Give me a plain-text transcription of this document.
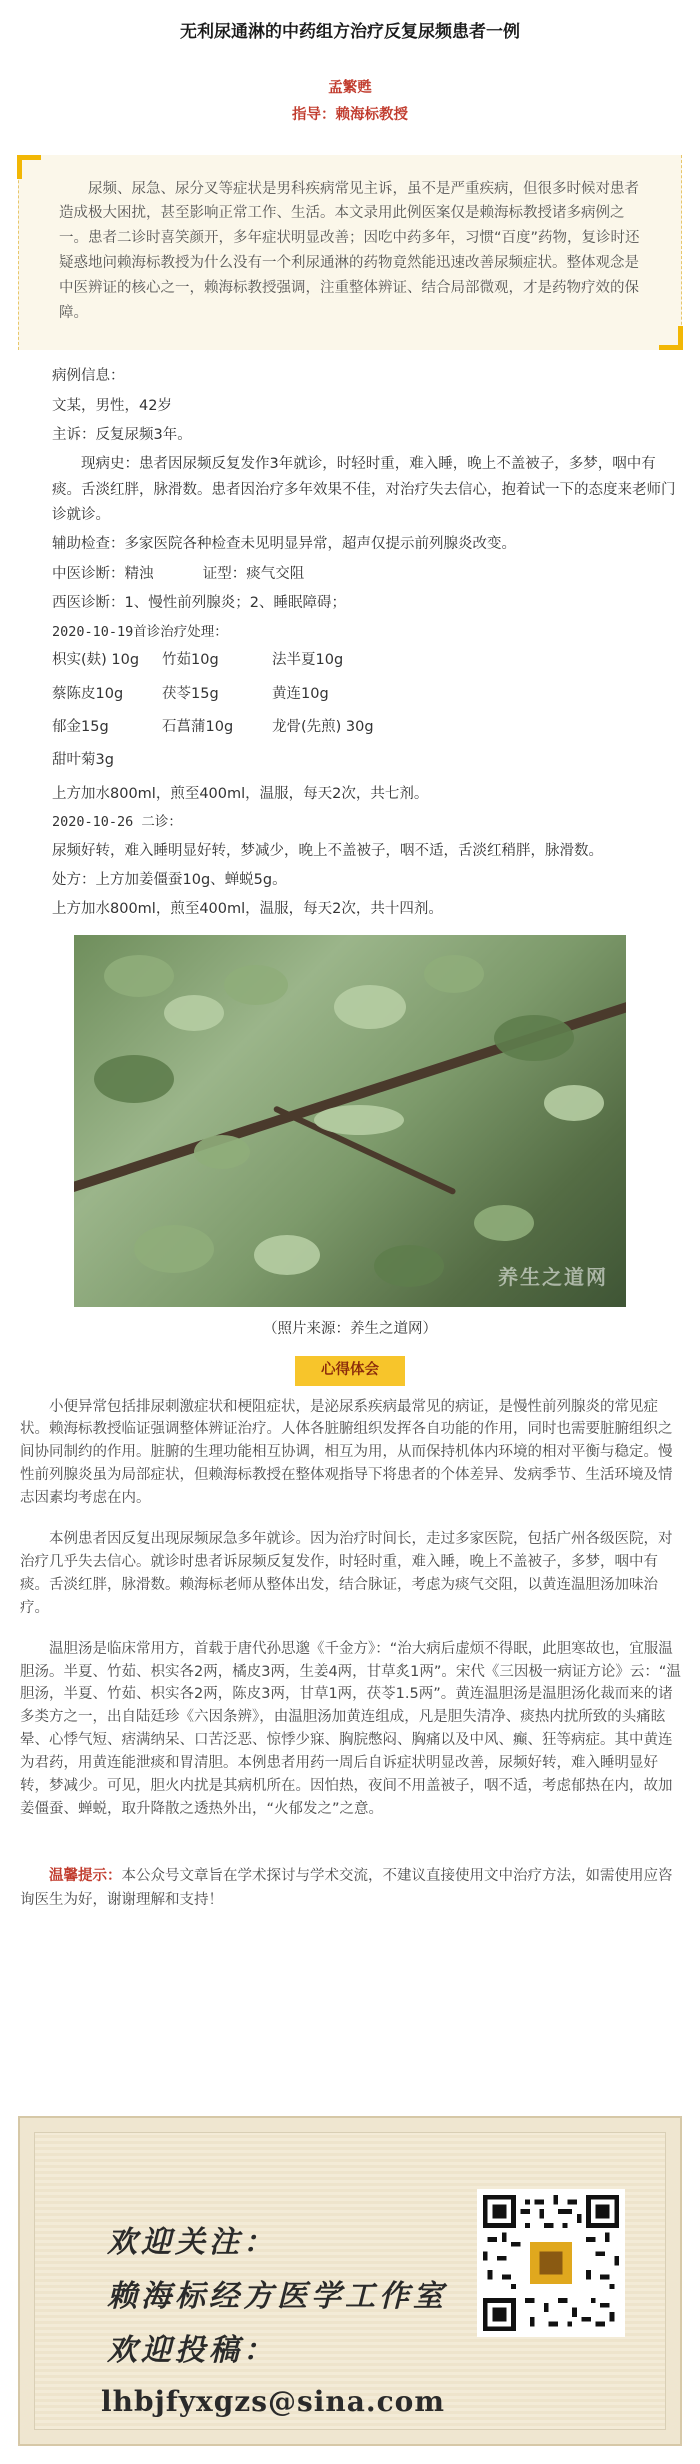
无利尿通淋的中药组方治疗反复尿频患者一例
孟繁甦
指导：赖海标教授
尿频、尿急、尿分叉等症状是男科疾病常见主诉，虽不是严重疾病，但很多时候对患者造成极大困扰，甚至影响正常工作、生活。本文录用此例医案仅是赖海标教授诸多病例之一。患者二诊时喜笑颜开，多年症状明显改善；因吃中药多年，习惯“百度”药物，复诊时还疑惑地问赖海标教授为什么没有一个利尿通淋的药物竟然能迅速改善尿频症状。整体观念是中医辨证的核心之一，赖海标教授强调，注重整体辨证、结合局部微观，才是药物疗效的保障。

病例信息：

文某，男性，42岁

主诉：反复尿频3年。

现病史：患者因尿频反复发作3年就诊，时轻时重，难入睡，晚上不盖被子，多梦，咽中有痰。舌淡红胖，脉滑数。患者因治疗多年效果不佳，对治疗失去信心，抱着试一下的态度来老师门诊就诊。

辅助检查：多家医院各种检查未见明显异常，超声仅提示前列腺炎改变。

中医诊断：精浊	证型：痰气交阻

西医诊断：1、慢性前列腺炎；2、睡眠障碍；

2020-10-19首诊治疗处理：

枳实(麸) 10g	竹茹10g	法半夏10g
蔡陈皮10g	茯苓15g	黄连10g
郁金15g	石菖蒲10g	龙骨(先煎) 30g
甜叶菊3g

上方加水800ml，煎至400ml，温服，每天2次，共七剂。

2020-10-26 二诊：

尿频好转，难入睡明显好转，梦减少，晚上不盖被子，咽不适，舌淡红稍胖，脉滑数。

处方：上方加姜僵蚕10g、蝉蜕5g。

上方加水800ml，煎至400ml，温服，每天2次，共十四剂。

养生之道网
（照片来源：养生之道网）
心得体会

小便异常包括排尿刺激症状和梗阻症状，是泌尿系疾病最常见的病证，是慢性前列腺炎的常见症状。赖海标教授临证强调整体辨证治疗。人体各脏腑组织发挥各自功能的作用，同时也需要脏腑组织之间协同制约的作用。脏腑的生理功能相互协调，相互为用，从而保持机体内环境的相对平衡与稳定。慢性前列腺炎虽为局部症状，但赖海标教授在整体观指导下将患者的个体差异、发病季节、生活环境及情志因素均考虑在内。

本例患者因反复出现尿频尿急多年就诊。因为治疗时间长，走过多家医院，包括广州各级医院，对治疗几乎失去信心。就诊时患者诉尿频反复发作，时轻时重，难入睡，晚上不盖被子，多梦，咽中有痰。舌淡红胖，脉滑数。赖海标老师从整体出发，结合脉证，考虑为痰气交阻，以黄连温胆汤加味治疗。

温胆汤是临床常用方，首载于唐代孙思邈《千金方》：“治大病后虚烦不得眠，此胆寒故也，宜服温胆汤。半夏、竹茹、枳实各2两，橘皮3两，生姜4两，甘草炙1两”。宋代《三因极一病证方论》云：“温胆汤，半夏、竹茹、枳实各2两，陈皮3两，甘草1两，茯苓1.5两”。黄连温胆汤是温胆汤化裁而来的诸多类方之一，出自陆廷珍《六因条辨》，由温胆汤加黄连组成，凡是胆失清净、痰热内扰所致的头痛眩晕、心悸气短、痞满纳呆、口苦泛恶、惊悸少寐、胸脘憋闷、胸痛以及中风、癫、狂等病症。其中黄连为君药，用黄连能泄痰和胃清胆。本例患者用药一周后自诉症状明显改善，尿频好转，难入睡明显好转，梦减少。可见，胆火内扰是其病机所在。因怕热，夜间不用盖被子，咽不适，考虑郁热在内，故加姜僵蚕、蝉蜕，取升降散之透热外出，“火郁发之”之意。

温馨提示：本公众号文章旨在学术探讨与学术交流，不建议直接使用文中治疗方法，如需使用应咨询医生为好，谢谢理解和支持！
欢迎关注：
赖海标经方医学工作室
欢迎投稿：
lhbjfyxgzs@sina.com
